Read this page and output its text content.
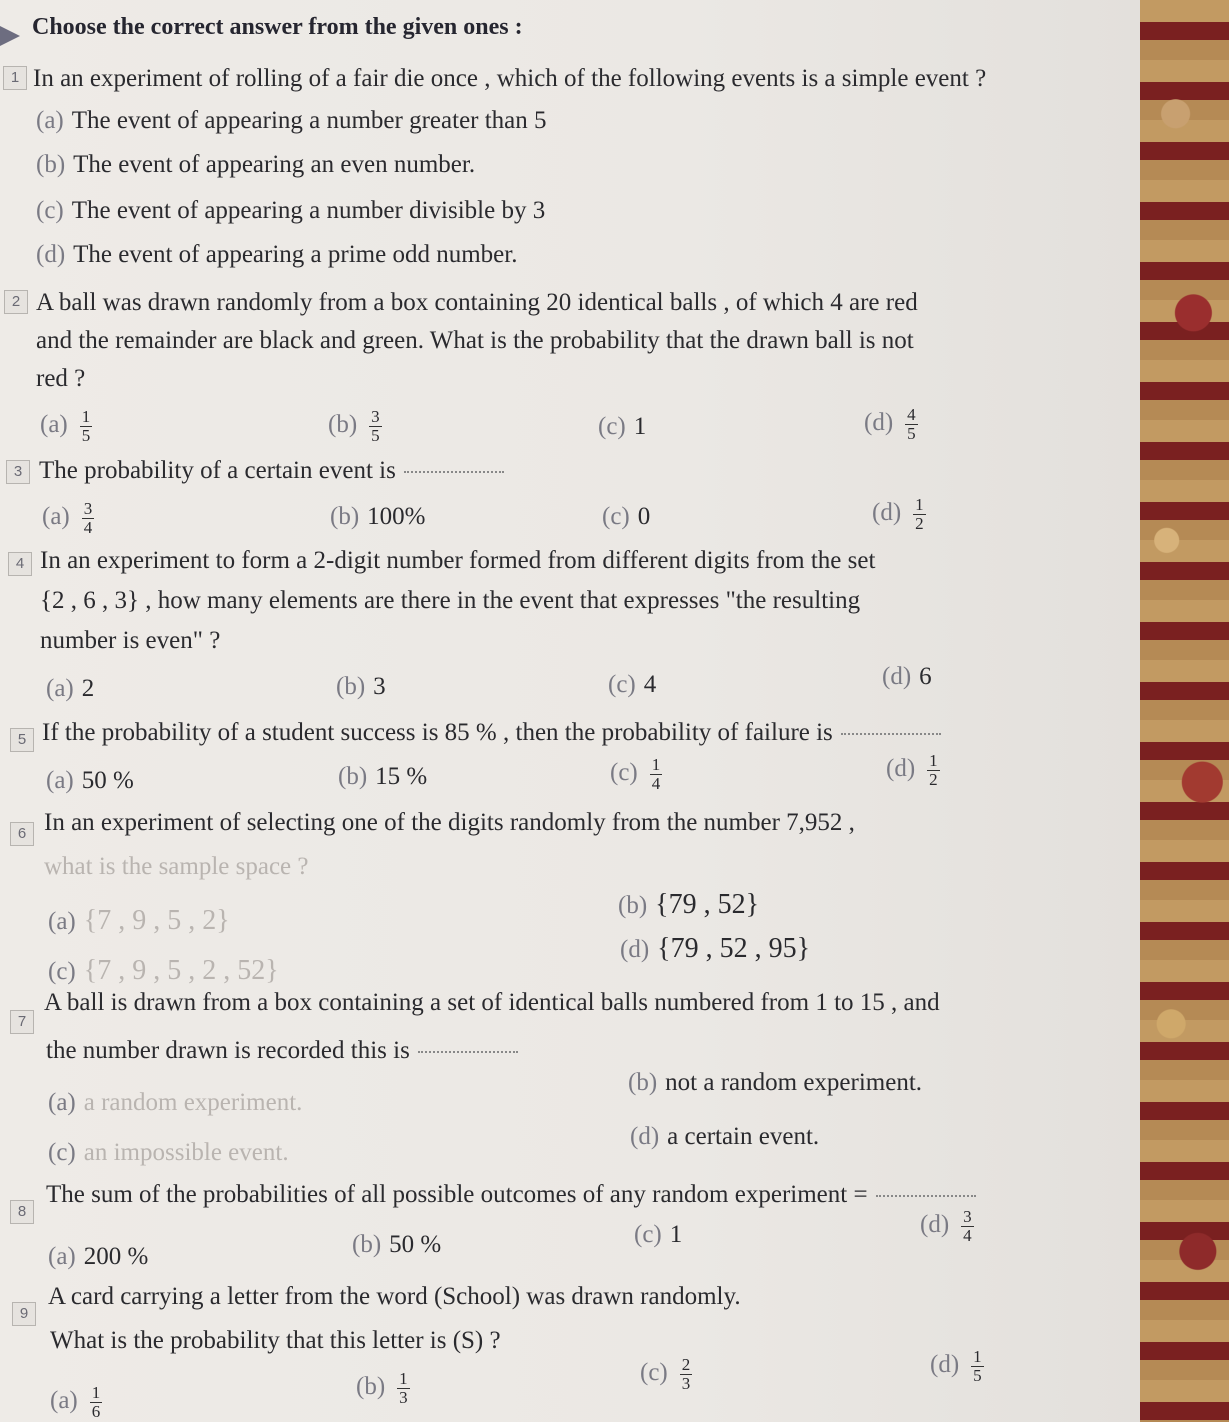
Choose the correct answer from the given ones :
1 In an experiment of rolling of a fair die once , which of the following events is a simple event ?
(a) The event of appearing a number greater than 5
(b) The event of appearing an even number.
(c) The event of appearing a number divisible by 3
(d) The event of appearing a prime odd number.
2 A ball was drawn randomly from a box containing 20 identical balls , of which 4 are red
and the remainder are black and green. What is the probability that the drawn ball is not
red ?
$(a) \frac{1}{5}$	$(b) \frac{3}{5}$	(c) 1	$(d) \frac{4}{5}$
3 The probability of a certain event is
$(a) \frac{3}{4}$	(b) 100%	(c) 0	$(d) \frac{1}{2}$
4 In an experiment to form a 2-digit number formed from different digits from the set
{2 , 6 , 3} , how many elements are there in the event that expresses "the resulting
number is even" ?
(a) 2	(b) 3	(c) 4	(d) 6
5 If the probability of a student success is 85 % , then the probability of failure is
(a) 50 %	(b) 15 %	$(c) \frac{1}{4}$	$(d) \frac{1}{2}$
6 In an experiment of selecting one of the digits randomly from the number 7,952 ,
what is the sample space ?
(a) {7 , 9 , 5 , 2}	(b) {79 , 52}
(c) {7 , 9 , 5 , 2 , 52}
(d) {79 , 52 , 95}
7
A ball is drawn from a box containing a set of identical balls numbered from 1 to 15 , and
the number drawn is recorded this is
(a) a random experiment.
(b) not a random experiment.
(c) an impossible event.
(d) a certain event.
8
The sum of the probabilities of all possible outcomes of any random experiment =
(a) 200 %	(b) 50 %	(c) 1	$(d) \frac{3}{4}$
9
A card carrying a letter from the word (School) was drawn randomly.
What is the probability that this letter is (S) ?
$(a) \frac{1}{6}$	$(b) \frac{1}{3}$	$(c) \frac{2}{3}$	$(d) \frac{1}{5}$
